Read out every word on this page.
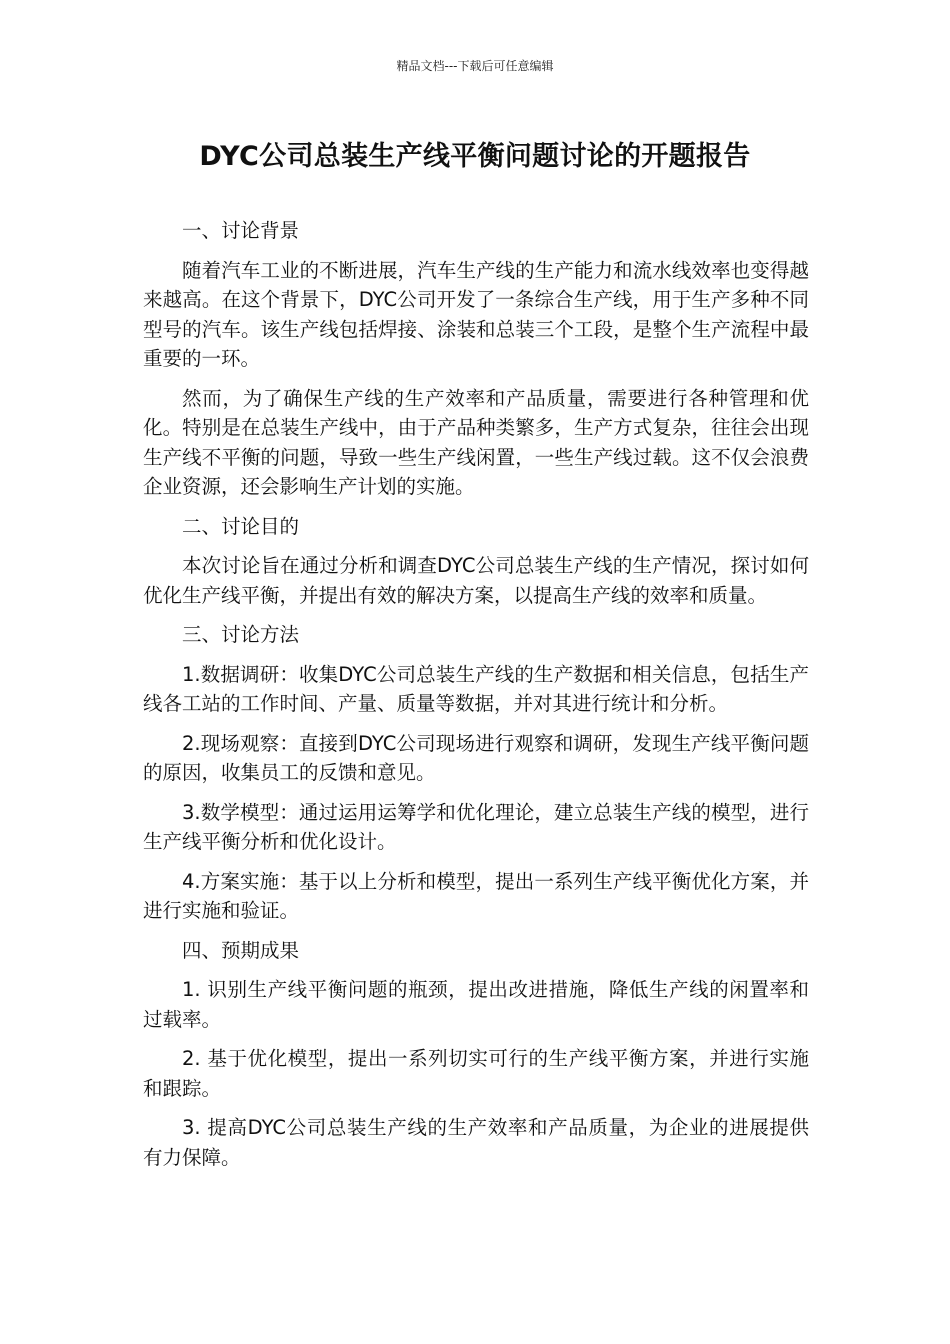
精品文档---下载后可任意编辑
DYC公司总装生产线平衡问题讨论的开题报告

一、讨论背景

随着汽车工业的不断进展，汽车生产线的生产能力和流水线效率也变得越来越高。在这个背景下，DYC公司开发了一条综合生产线，用于生产多种不同型号的汽车。该生产线包括焊接、涂装和总装三个工段，是整个生产流程中最重要的一环。

然而，为了确保生产线的生产效率和产品质量，需要进行各种管理和优化。特别是在总装生产线中，由于产品种类繁多，生产方式复杂，往往会出现生产线不平衡的问题，导致一些生产线闲置，一些生产线过载。这不仅会浪费企业资源，还会影响生产计划的实施。

二、讨论目的

本次讨论旨在通过分析和调查DYC公司总装生产线的生产情况，探讨如何优化生产线平衡，并提出有效的解决方案，以提高生产线的效率和质量。

三、讨论方法

1.数据调研：收集DYC公司总装生产线的生产数据和相关信息，包括生产线各工站的工作时间、产量、质量等数据，并对其进行统计和分析。

2.现场观察：直接到DYC公司现场进行观察和调研，发现生产线平衡问题的原因，收集员工的反馈和意见。

3.数学模型：通过运用运筹学和优化理论，建立总装生产线的模型，进行生产线平衡分析和优化设计。

4.方案实施：基于以上分析和模型，提出一系列生产线平衡优化方案，并进行实施和验证。

四、预期成果

1. 识别生产线平衡问题的瓶颈，提出改进措施，降低生产线的闲置率和过载率。

2. 基于优化模型，提出一系列切实可行的生产线平衡方案，并进行实施和跟踪。

3. 提高DYC公司总装生产线的生产效率和产品质量，为企业的进展提供有力保障。
